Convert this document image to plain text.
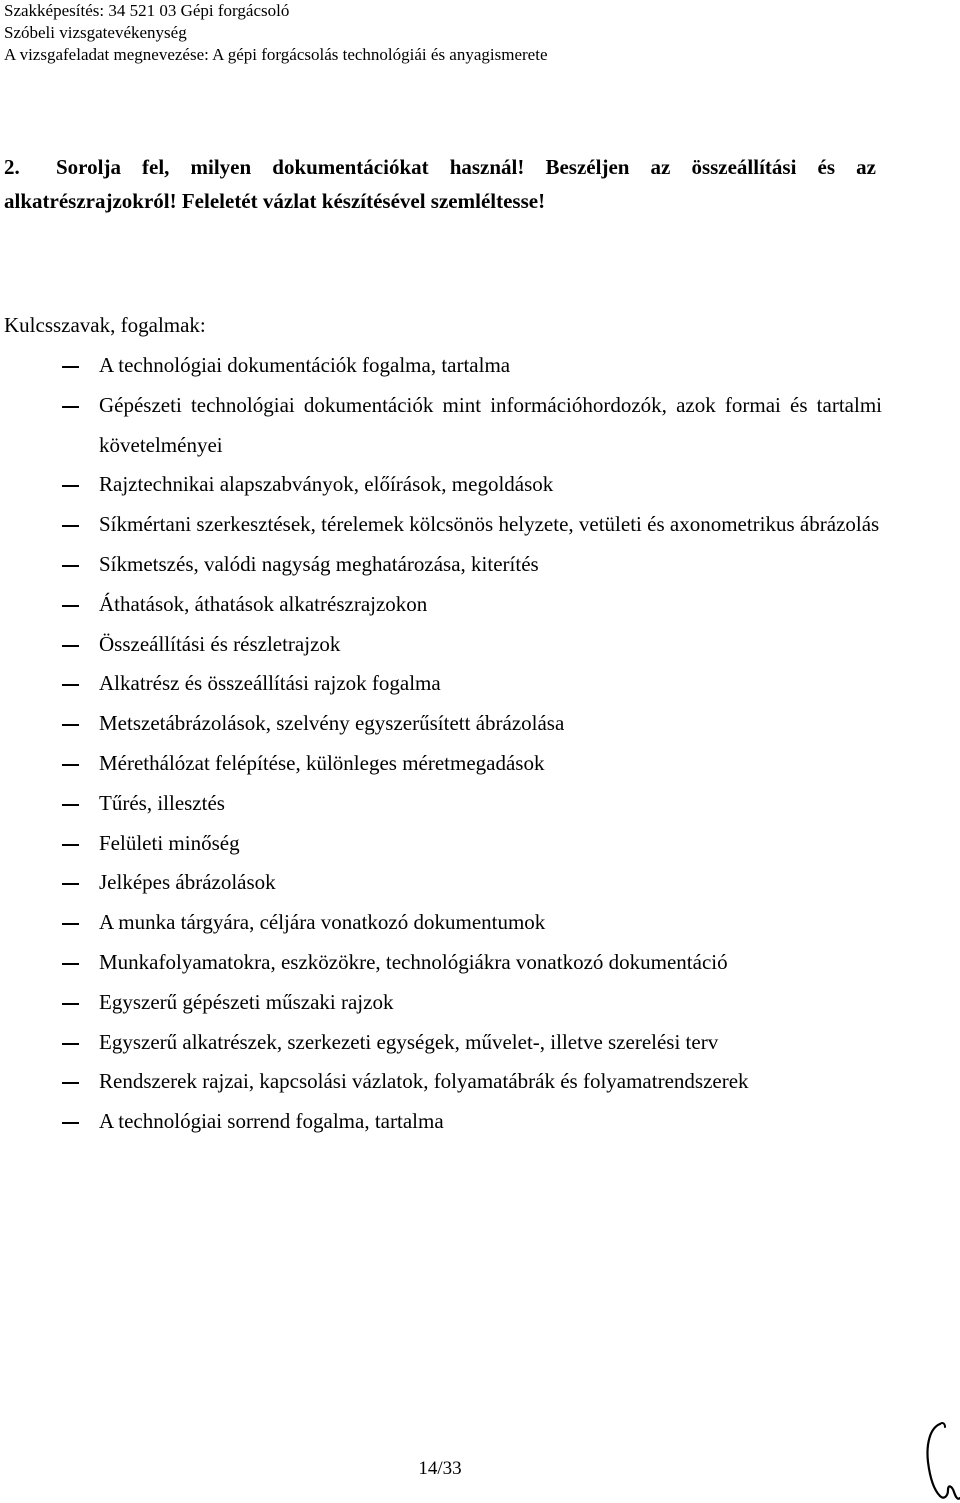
Szakképesítés: 34 521 03 Gépi forgácsoló
Szóbeli vizsgatevékenység
A vizsgafeladat megnevezése: A gépi forgácsolás technológiái és anyagismerete
2. Sorolja fel, milyen dokumentációkat használ! Beszéljen az összeállítási és az
alkatrészrajzokról! Feleletét vázlat készítésével szemléltesse!
Kulcsszavak, fogalmak:
A technológiai dokumentációk fogalma, tartalma
Gépészeti technológiai dokumentációk mint információhordozók, azok formai és tartalmi követelményei
Rajztechnikai alapszabványok, előírások, megoldások
Síkmértani szerkesztések, térelemek kölcsönös helyzete, vetületi és axonometrikus ábrázolás
Síkmetszés, valódi nagyság meghatározása, kiterítés
Áthatások, áthatások alkatrészrajzokon
Összeállítási és részletrajzok
Alkatrész és összeállítási rajzok fogalma
Metszetábrázolások, szelvény egyszerűsített ábrázolása
Mérethálózat felépítése, különleges méretmegadások
Tűrés, illesztés
Felületi minőség
Jelképes ábrázolások
A munka tárgyára, céljára vonatkozó dokumentumok
Munkafolyamatokra, eszközökre, technológiákra vonatkozó dokumentáció
Egyszerű gépészeti műszaki rajzok
Egyszerű alkatrészek, szerkezeti egységek, művelet-, illetve szerelési terv
Rendszerek rajzai, kapcsolási vázlatok, folyamatábrák és folyamatrendszerek
A technológiai sorrend fogalma, tartalma
14/33
